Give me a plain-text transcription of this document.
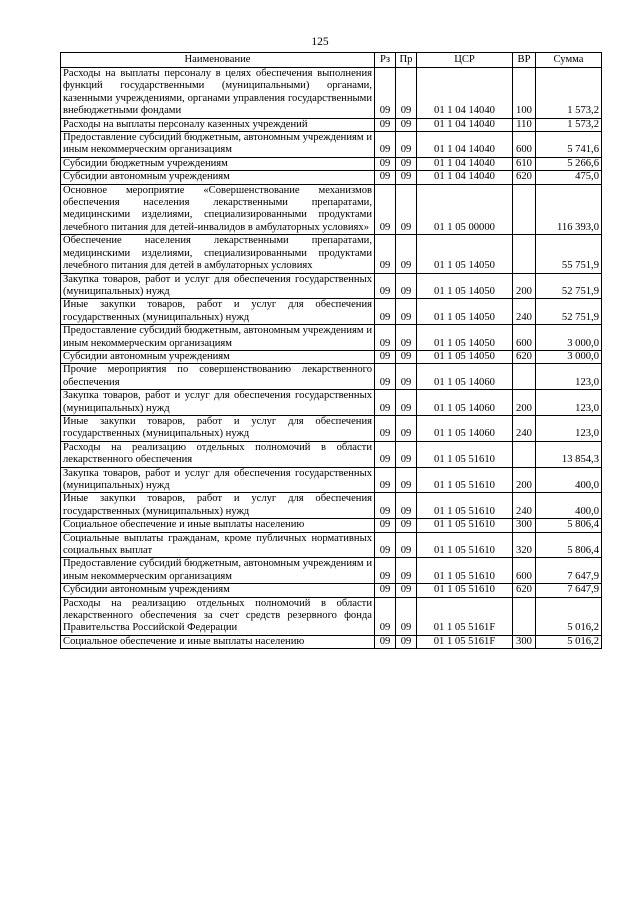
125
Наименование	Рз	Пр	ЦСР	ВР	Сумма
Расходы на выплаты персоналу в целях обеспечения выполнения функций государственными (муниципальными) органами, казенными учреждениями, органами управления государственными внебюджетными фондами	09	09	01 1 04 14040	100	1 573,2
Расходы на выплаты персоналу казенных учреждений	09	09	01 1 04 14040	110	1 573,2
Предоставление субсидий бюджетным, автономным учреждениям и иным некоммерческим организациям	09	09	01 1 04 14040	600	5 741,6
Субсидии бюджетным учреждениям	09	09	01 1 04 14040	610	5 266,6
Субсидии автономным учреждениям	09	09	01 1 04 14040	620	475,0
Основное мероприятие «Совершенствование механизмов обеспечения населения лекарственными препаратами, медицинскими изделиями, специализированными продуктами лечебного питания для детей-инвалидов в амбулаторных условиях»	09	09	01 1 05 00000		116 393,0
Обеспечение населения лекарственными препаратами, медицинскими изделиями, специализированными продуктами лечебного питания для детей в амбулаторных условиях	09	09	01 1 05 14050		55 751,9
Закупка товаров, работ и услуг для обеспечения государственных (муниципальных) нужд	09	09	01 1 05 14050	200	52 751,9
Иные закупки товаров, работ и услуг для обеспечения государственных (муниципальных) нужд	09	09	01 1 05 14050	240	52 751,9
Предоставление субсидий бюджетным, автономным учреждениям и иным некоммерческим организациям	09	09	01 1 05 14050	600	3 000,0
Субсидии автономным учреждениям	09	09	01 1 05 14050	620	3 000,0
Прочие мероприятия по совершенствованию лекарственного обеспечения	09	09	01 1 05 14060		123,0
Закупка товаров, работ и услуг для обеспечения государственных (муниципальных) нужд	09	09	01 1 05 14060	200	123,0
Иные закупки товаров, работ и услуг для обеспечения государственных (муниципальных) нужд	09	09	01 1 05 14060	240	123,0
Расходы на реализацию отдельных полномочий в области лекарственного обеспечения	09	09	01 1 05 51610		13 854,3
Закупка товаров, работ и услуг для обеспечения государственных (муниципальных) нужд	09	09	01 1 05 51610	200	400,0
Иные закупки товаров, работ и услуг для обеспечения государственных (муниципальных) нужд	09	09	01 1 05 51610	240	400,0
Социальное обеспечение и иные выплаты населению	09	09	01 1 05 51610	300	5 806,4
Социальные выплаты гражданам, кроме публичных нормативных социальных выплат	09	09	01 1 05 51610	320	5 806,4
Предоставление субсидий бюджетным, автономным учреждениям и иным некоммерческим организациям	09	09	01 1 05 51610	600	7 647,9
Субсидии автономным учреждениям	09	09	01 1 05 51610	620	7 647,9
Расходы на реализацию отдельных полномочий в области лекарственного обеспечения за счет средств резервного фонда Правительства Российской Федерации	09	09	01 1 05 5161F		5 016,2
Социальное обеспечение и иные выплаты населению	09	09	01 1 05 5161F	300	5 016,2
